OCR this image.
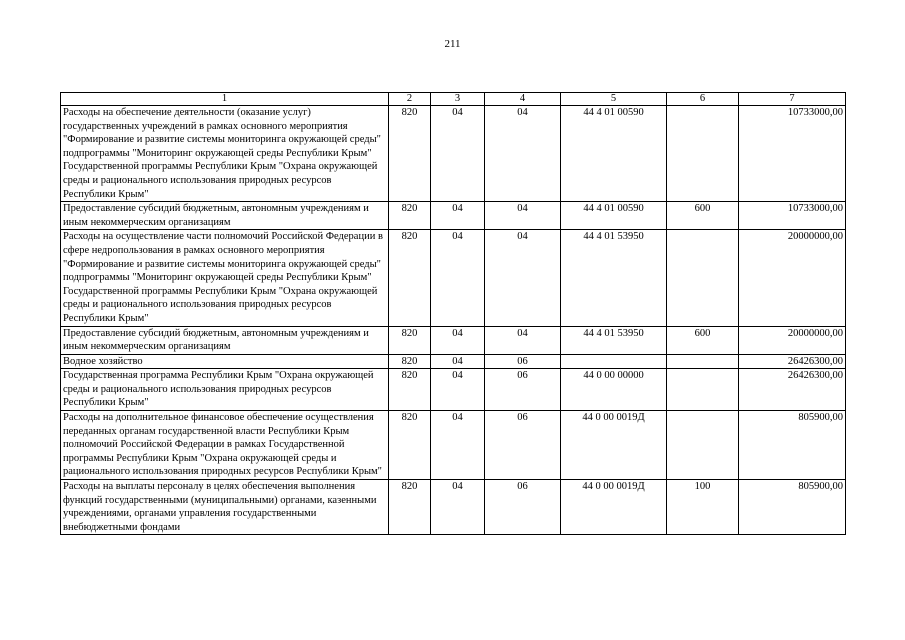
211
1	2	3	4	5	6	7
Расходы на обеспечение деятельности (оказание услуг) государственных учреждений в рамках основного мероприятия "Формирование и развитие системы мониторинга окружающей среды" подпрограммы "Мониторинг окружающей среды Республики Крым" Государственной программы Республики Крым "Охрана окружающей среды и рационального использования природных ресурсов Республики Крым"	820	04	04	44 4 01 00590		10733000,00
Предоставление субсидий бюджетным, автономным учреждениям и иным некоммерческим организациям	820	04	04	44 4 01 00590	600	10733000,00
Расходы на осуществление части полномочий Российской Федерации в сфере недропользования в рамках основного мероприятия "Формирование и развитие системы мониторинга окружающей среды" подпрограммы "Мониторинг окружающей среды Республики Крым" Государственной программы Республики Крым "Охрана окружающей среды и рационального использования природных ресурсов Республики Крым"	820	04	04	44 4 01 53950		20000000,00
Предоставление субсидий бюджетным, автономным учреждениям и иным некоммерческим организациям	820	04	04	44 4 01 53950	600	20000000,00
Водное хозяйство	820	04	06			26426300,00
Государственная программа Республики Крым "Охрана окружающей среды и рационального использования природных ресурсов Республики Крым"	820	04	06	44 0 00 00000		26426300,00
Расходы на дополнительное финансовое обеспечение осуществления переданных органам государственной власти Республики Крым полномочий Российской Федерации в рамках Государственной программы Республики Крым "Охрана окружающей среды и рационального использования природных ресурсов Республики Крым"	820	04	06	44 0 00 0019Д		805900,00
Расходы на выплаты персоналу в целях обеспечения выполнения функций государственными (муниципальными) органами, казенными учреждениями, органами управления государственными внебюджетными фондами	820	04	06	44 0 00 0019Д	100	805900,00
